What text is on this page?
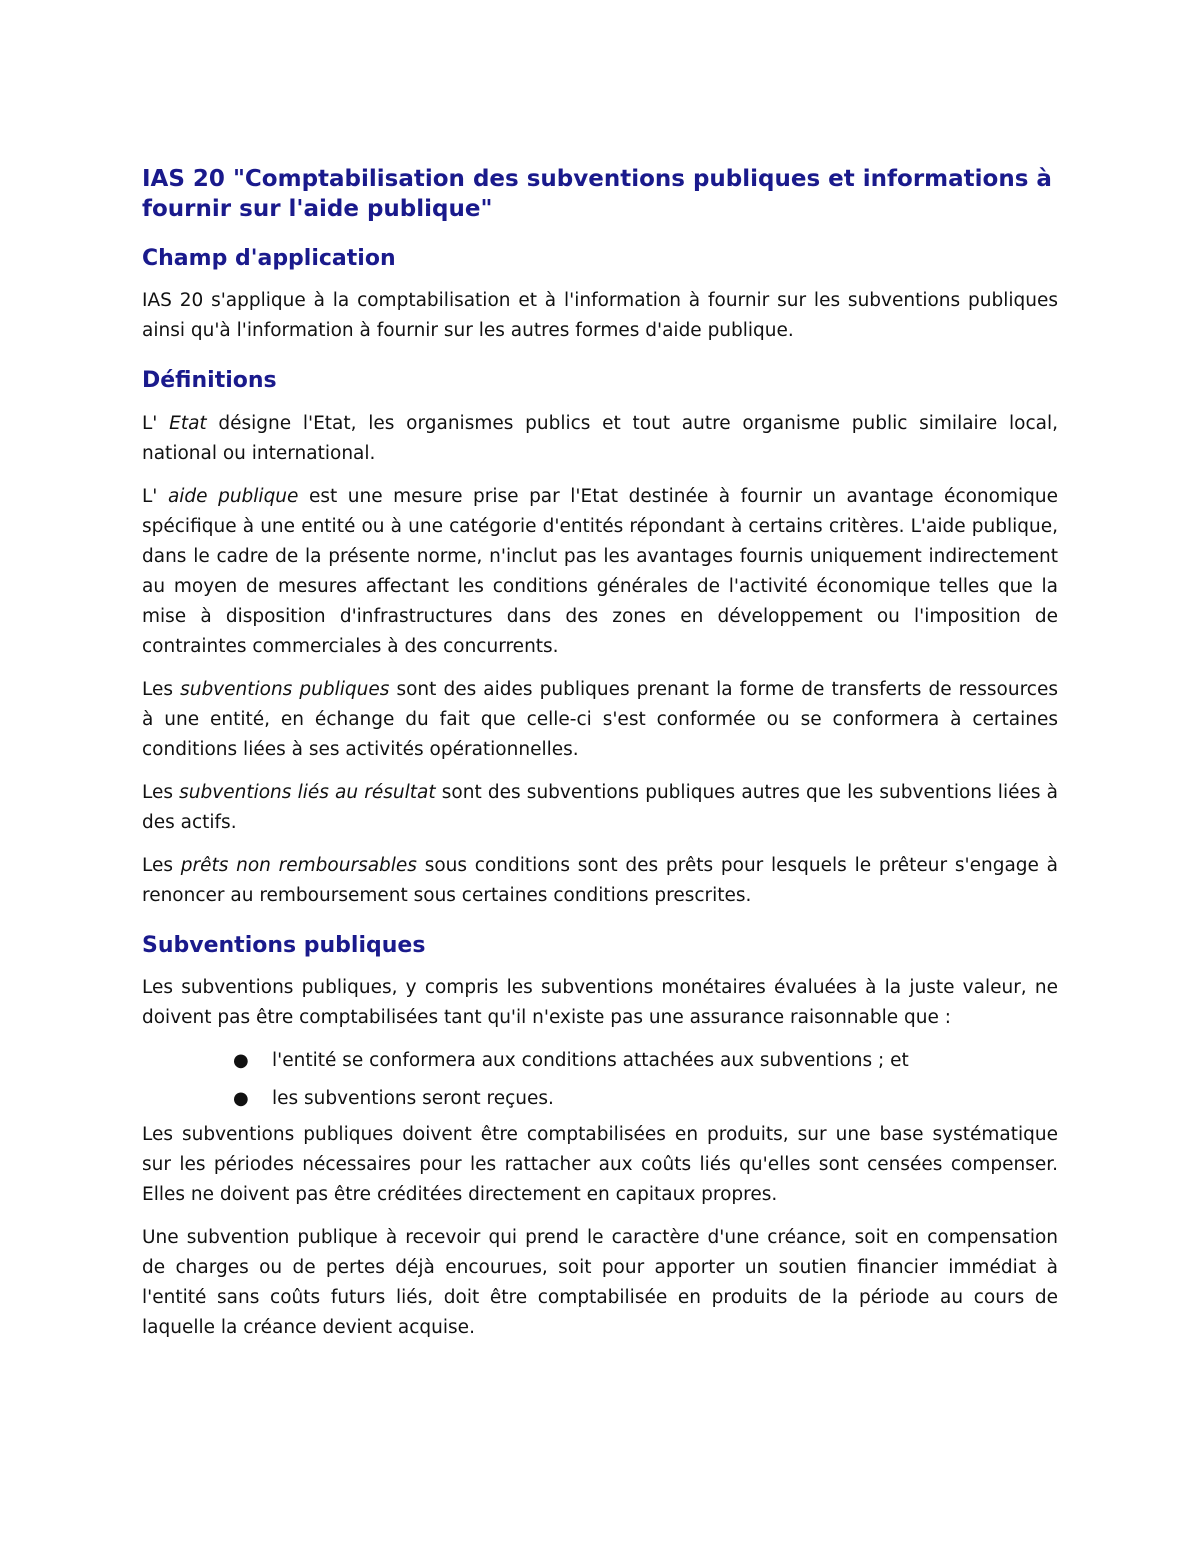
IAS 20 "Comptabilisation des subventions publiques et informations à fournir sur l'aide publique"
Champ d'application

IAS 20 s'applique à la comptabilisation et à l'information à fournir sur les subventions publiques ainsi qu'à l'information à fournir sur les autres formes d'aide publique.

Définitions

L' Etat désigne l'Etat, les organismes publics et tout autre organisme public similaire local, national ou international.

L' aide publique est une mesure prise par l'Etat destinée à fournir un avantage économique spécifique à une entité ou à une catégorie d'entités répondant à certains critères. L'aide publique, dans le cadre de la présente norme, n'inclut pas les avantages fournis uniquement indirectement au moyen de mesures affectant les conditions générales de l'activité économique telles que la mise à disposition d'infrastructures dans des zones en développement ou l'imposition de contraintes commerciales à des concurrents.

Les subventions publiques sont des aides publiques prenant la forme de transferts de ressources à une entité, en échange du fait que celle-ci s'est conformée ou se conformera à certaines conditions liées à ses activités opérationnelles.

Les subventions liés au résultat sont des subventions publiques autres que les subventions liées à des actifs.

Les prêts non remboursables sous conditions sont des prêts pour lesquels le prêteur s'engage à renoncer au remboursement sous certaines conditions prescrites.

Subventions publiques

Les subventions publiques, y compris les subventions monétaires évaluées à la juste valeur, ne doivent pas être comptabilisées tant qu'il n'existe pas une assurance raisonnable que :

● l'entité se conformera aux conditions attachées aux subventions ; et
● les subventions seront reçues.

Les subventions publiques doivent être comptabilisées en produits, sur une base systématique sur les périodes nécessaires pour les rattacher aux coûts liés qu'elles sont censées compenser. Elles ne doivent pas être créditées directement en capitaux propres.

Une subvention publique à recevoir qui prend le caractère d'une créance, soit en compensation de charges ou de pertes déjà encourues, soit pour apporter un soutien financier immédiat à l'entité sans coûts futurs liés, doit être comptabilisée en produits de la période au cours de laquelle la créance devient acquise.
